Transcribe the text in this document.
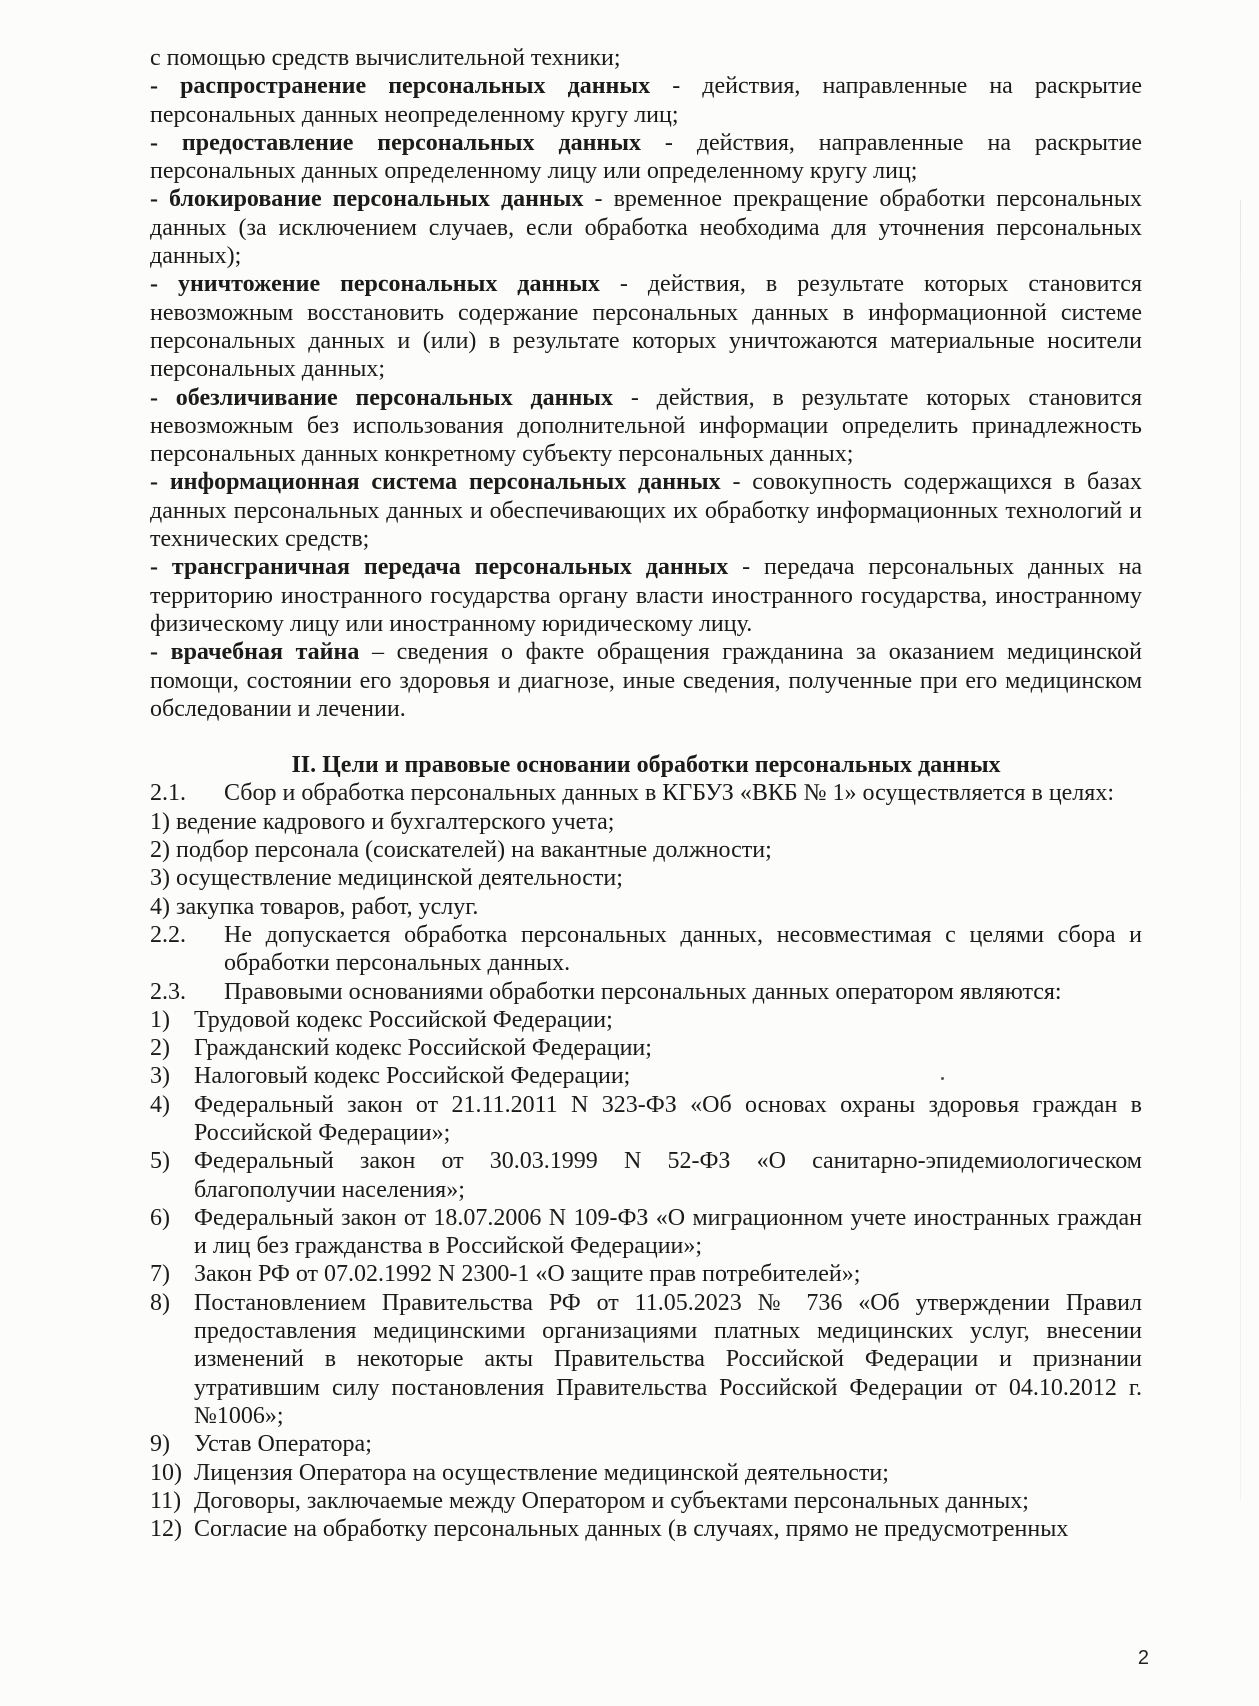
с помощью средств вычислительной техники;

- распространение персональных данных - действия, направленные на раскрытие персональных данных неопределенному кругу лиц;

- предоставление персональных данных - действия, направленные на раскрытие персональных данных определенному лицу или определенному кругу лиц;

- блокирование персональных данных - временное прекращение обработки персональных данных (за исключением случаев, если обработка необходима для уточнения персональных данных);

- уничтожение персональных данных - действия, в результате которых становится невозможным восстановить содержание персональных данных в информационной системе персональных данных и (или) в результате которых уничтожаются материальные носители персональных данных;

- обезличивание персональных данных - действия, в результате которых становится невозможным без использования дополнительной информации определить принадлежность персональных данных конкретному субъекту персональных данных;

- информационная система персональных данных - совокупность содержащихся в базах данных персональных данных и обеспечивающих их обработку информационных технологий и технических средств;

- трансграничная передача персональных данных - передача персональных данных на территорию иностранного государства органу власти иностранного государства, иностранному физическому лицу или иностранному юридическому лицу.

- врачебная тайна – сведения о факте обращения гражданина за оказанием медицинской помощи, состоянии его здоровья и диагнозе, иные сведения, полученные при его медицинском обследовании и лечении.

II. Цели и правовые основании обработки персональных данных

2.1.	Сбор и обработка персональных данных в КГБУЗ «ВКБ № 1» осуществляется в целях:

1) ведение кадрового и бухгалтерского учета;

2) подбор персонала (соискателей) на вакантные должности;

3) осуществление медицинской деятельности;

4) закупка товаров, работ, услуг.

2.2.	Не допускается обработка персональных данных, несовместимая с целями сбора и обработки персональных данных.
2.3.	Правовыми основаниями обработки персональных данных оператором являются:
1)	Трудовой кодекс Российской Федерации;
2)	Гражданский кодекс Российской Федерации;
3)	Налоговый кодекс Российской Федерации;
4)	Федеральный закон от 21.11.2011 N 323-ФЗ «Об основах охраны здоровья граждан в Российской Федерации»;
5)	Федеральный закон от 30.03.1999 N 52-ФЗ «О санитарно-эпидемиологическом благополучии населения»;
6)	Федеральный закон от 18.07.2006 N 109-ФЗ «О миграционном учете иностранных граждан и лиц без гражданства в Российской Федерации»;
7)	Закон РФ от 07.02.1992 N 2300-1 «О защите прав потребителей»;
8)	Постановлением Правительства РФ от 11.05.2023 № 736 «Об утверждении Правил предоставления медицинскими организациями платных медицинских услуг, внесении изменений в некоторые акты Правительства Российской Федерации и признании утратившим силу постановления Правительства Российской Федерации от 04.10.2012 г. №1006»;
9)	Устав Оператора;
10) Лицензия Оператора на осуществление медицинской деятельности;
11) Договоры, заключаемые между Оператором и субъектами персональных данных;
12) Согласие на обработку персональных данных (в случаях, прямо не предусмотренных
2
